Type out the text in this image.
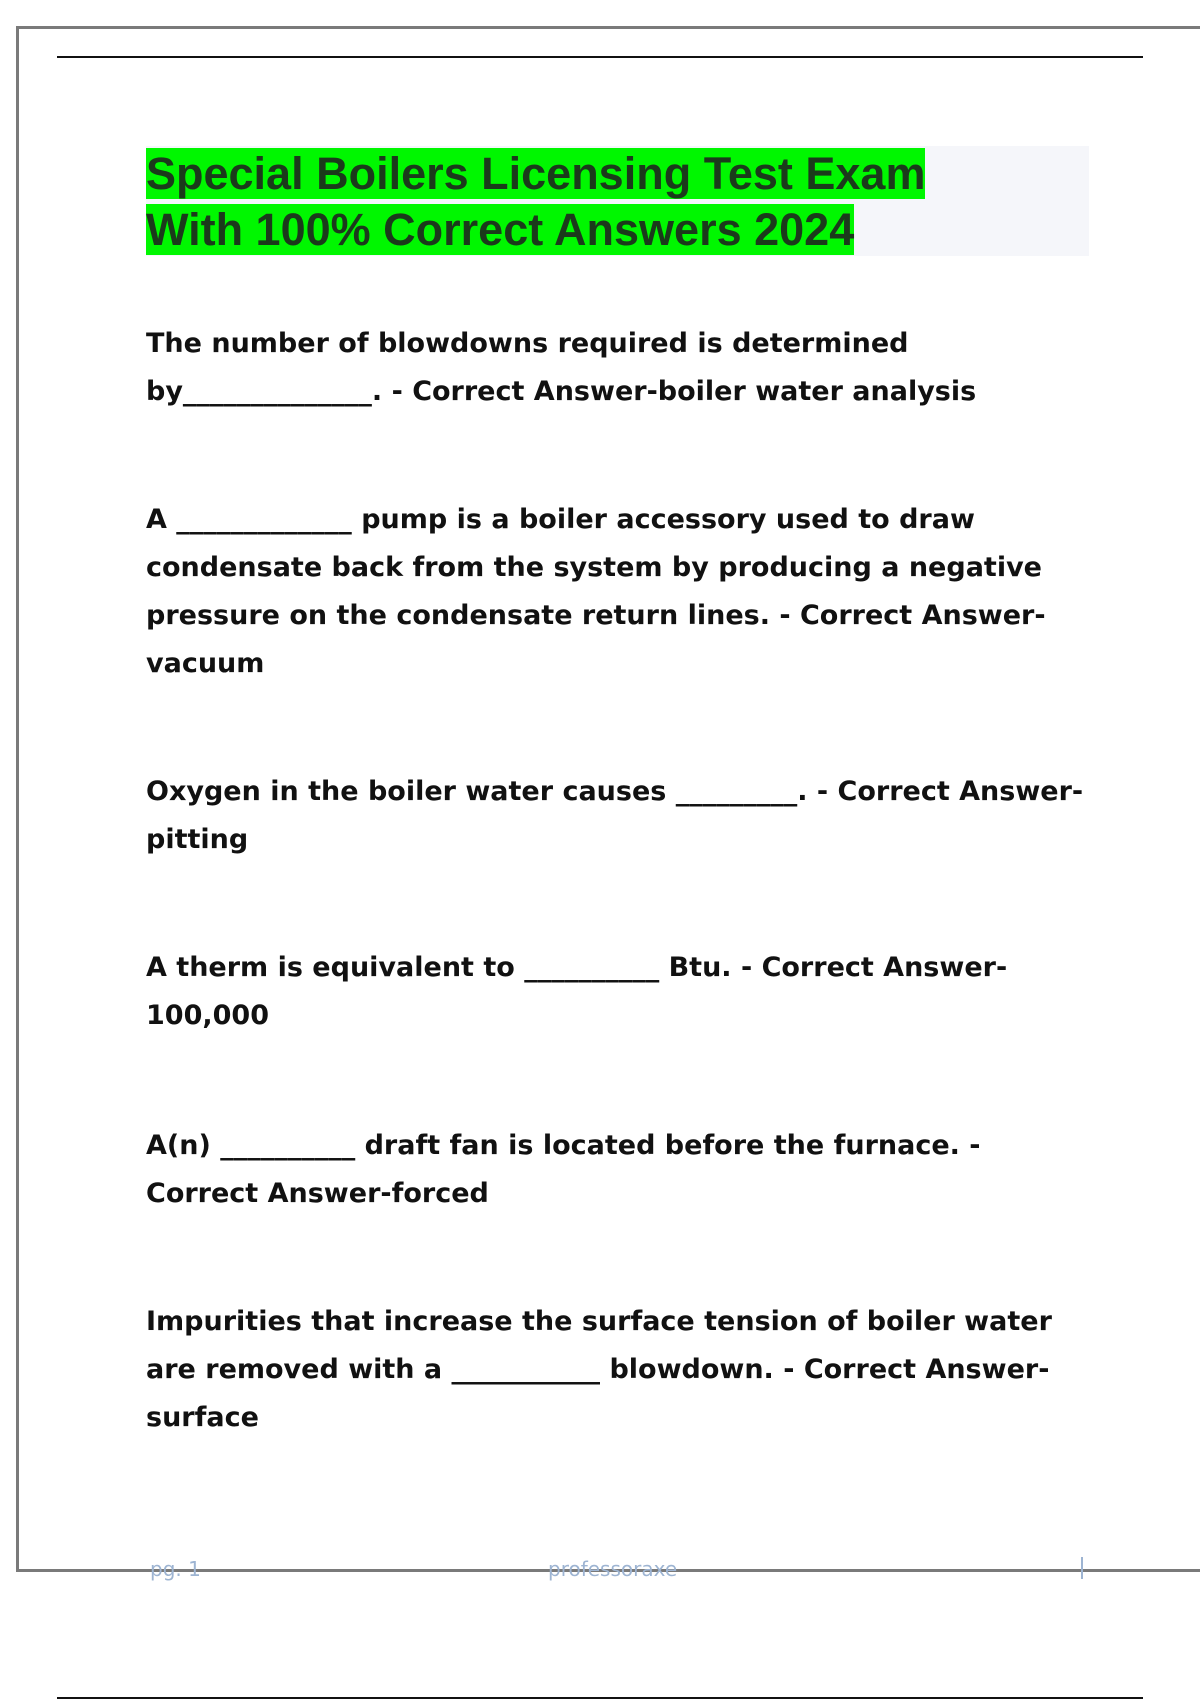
Special Boilers Licensing Test Exam
With 100% Correct Answers 2024

The number of blowdowns required is determined by______________. - Correct Answer-boiler water analysis

A _____________ pump is a boiler accessory used to draw condensate back from the system by producing a negative pressure on the condensate return lines. - Correct Answer-vacuum

Oxygen in the boiler water causes _________. - Correct Answer-pitting

A therm is equivalent to __________ Btu. - Correct Answer-100,000

A(n) __________ draft fan is located before the furnace. - Correct Answer-forced

Impurities that increase the surface tension of boiler water are removed with a ___________ blowdown. - Correct Answer-surface

pg. 1	professoraxe
